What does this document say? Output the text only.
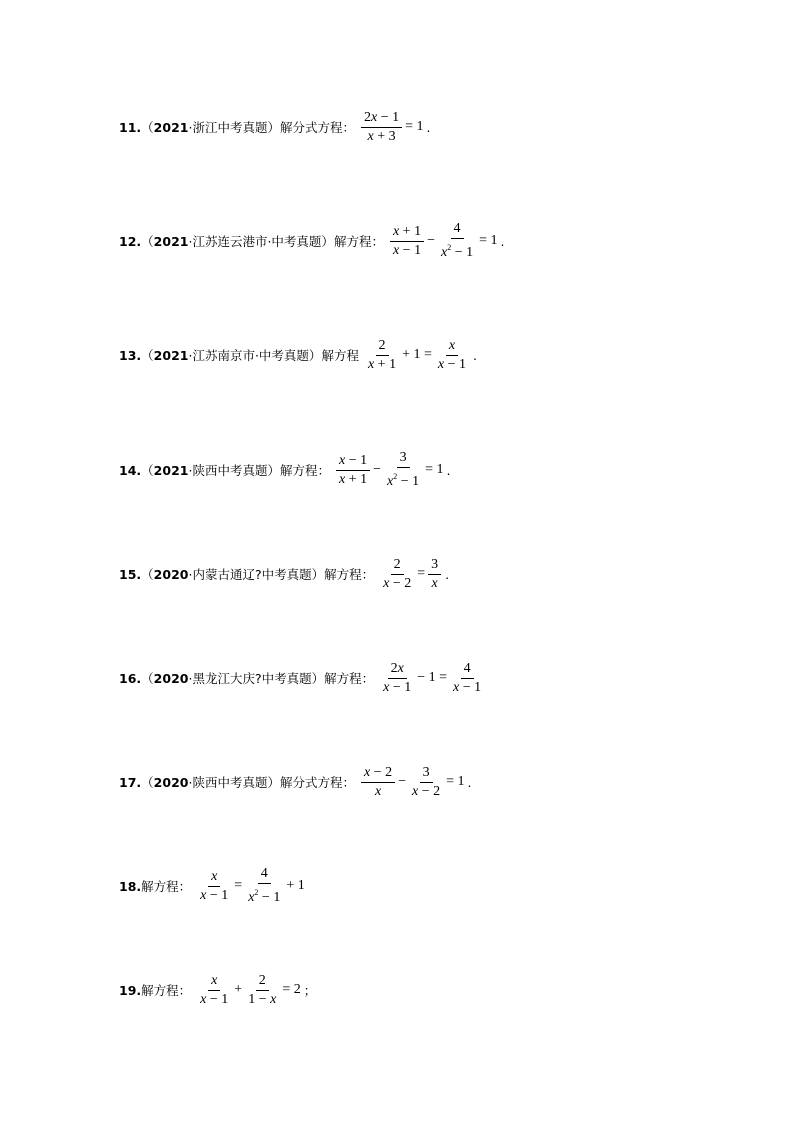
11. （2021·浙江中考真题） 解分式方程： $\frac{2x - 1}{x + 3} = 1$ .
12. （2021·江苏连云港市·中考真题） 解方程： $\frac{x + 1}{x - 1} - \frac{4}{x^2 - 1} = 1$ .
13. （2021·江苏南京市·中考真题） 解方程 $\frac{2}{x + 1} + 1 = \frac{x}{x - 1}$ .
14. （2021·陕西中考真题） 解方程： $\frac{x - 1}{x + 1} - \frac{3}{x^2 - 1} = 1$ .
15. （2020·内蒙古通辽?中考真题） 解方程： $\frac{2}{x - 2} = \frac{3}{x}$ .
16. （2020·黑龙江大庆?中考真题） 解方程： $\frac{2x}{x - 1} - 1 = \frac{4}{x - 1}$
17. （2020·陕西中考真题） 解分式方程： $\frac{x - 2}{x} - \frac{3}{x - 2} = 1$ .
18. 解方程： $\frac{x}{x - 1} = \frac{4}{x^2 - 1} + 1$
19. 解方程： $\frac{x}{x - 1} + \frac{2}{1 - x} = 2$ ；
